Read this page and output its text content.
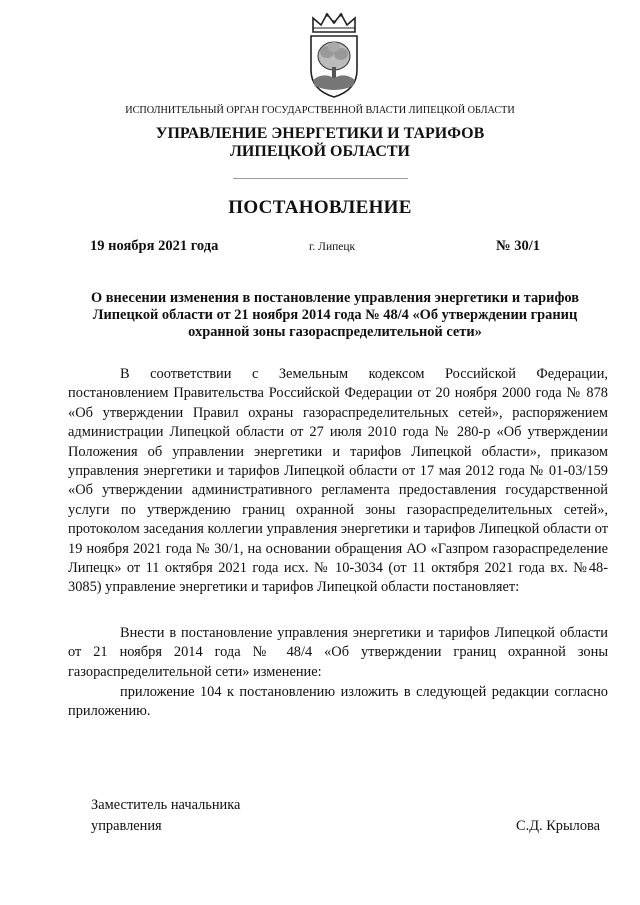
ИСПОЛНИТЕЛЬНЫЙ ОРГАН ГОСУДАРСТВЕННОЙ ВЛАСТИ ЛИПЕЦКОЙ ОБЛАСТИ
УПРАВЛЕНИЕ ЭНЕРГЕТИКИ И ТАРИФОВ
ЛИПЕЦКОЙ ОБЛАСТИ
ПОСТАНОВЛЕНИЕ
19 ноября 2021 года	г. Липецк	№ 30/1
О внесении изменения в постановление управления энергетики и тарифов Липецкой области от 21 ноября 2014 года № 48/4 «Об утверждении границ охранной зоны газораспределительной сети»

В соответствии с Земельным кодексом Российской Федерации, постановлением Правительства Российской Федерации от 20 ноября 2000 года № 878 «Об утверждении Правил охраны газораспределительных сетей», распоряжением администрации Липецкой области от 27 июля 2010 года № 280-р «Об утверждении Положения об управлении энергетики и тарифов Липецкой области», приказом управления энергетики и тарифов Липецкой области от 17 мая 2012 года № 01-03/159 «Об утверждении административного регламента предоставления государственной услуги по утверждению границ охранной зоны газораспределительных сетей», протоколом заседания коллегии управления энергетики и тарифов Липецкой области от 19 ноября 2021 года № 30/1, на основании обращения АО «Газпром газораспределение Липецк» от 11 октября 2021 года исх. № 10-3034 (от 11 октября 2021 года вх. №48-3085) управление энергетики и тарифов Липецкой области постановляет:

Внести в постановление управления энергетики и тарифов Липецкой области от 21 ноября 2014 года № 48/4 «Об утверждении границ охранной зоны газораспределительной сети» изменение:

приложение 104 к постановлению изложить в следующей редакции согласно приложению.

Заместитель начальника
управления	С.Д. Крылова
